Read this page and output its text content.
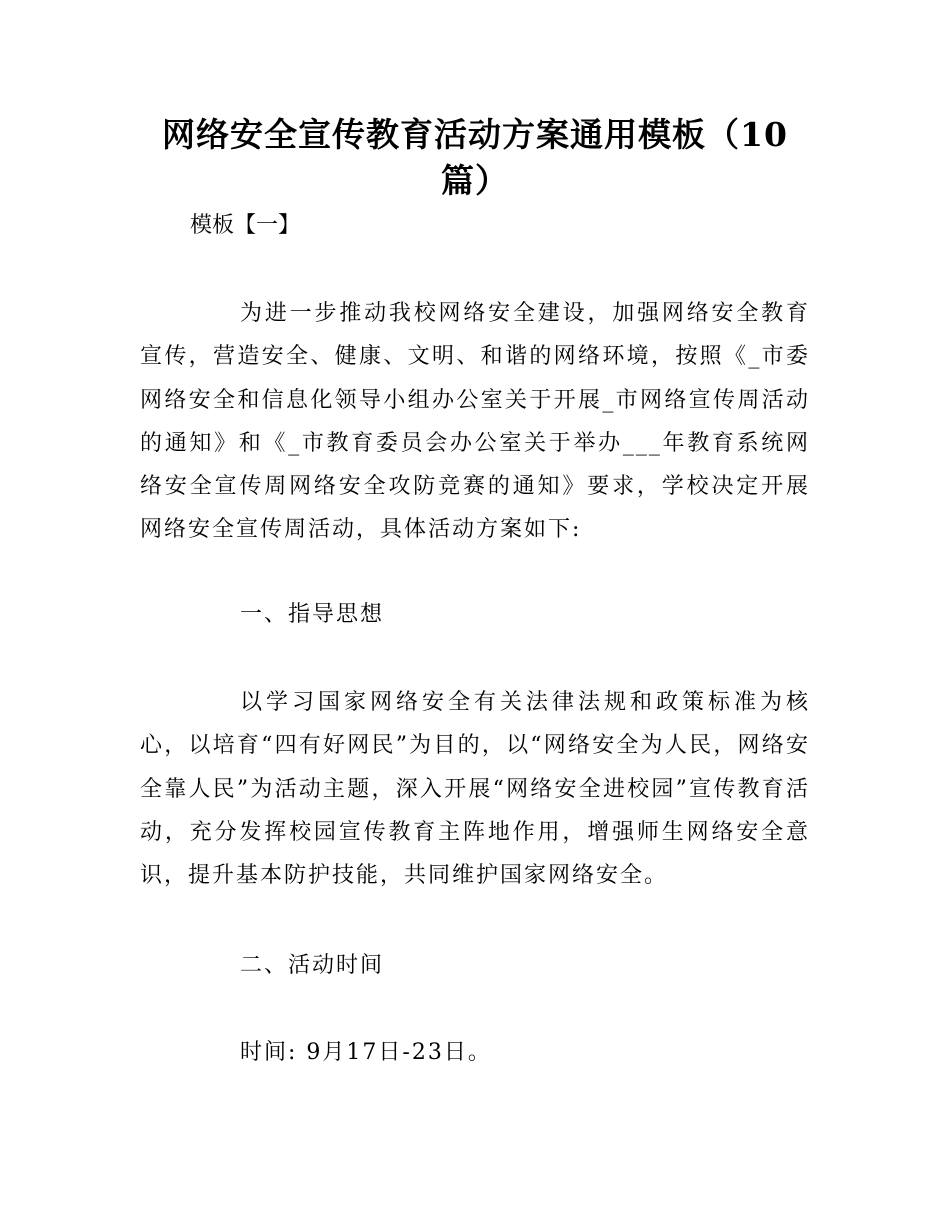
网络安全宣传教育活动方案通用模板（10篇）

模板【一】

为进一步推动我校网络安全建设，加强网络安全教育宣传，营造安全、健康、文明、和谐的网络环境，按照《_市委网络安全和信息化领导小组办公室关于开展_市网络宣传周活动的通知》和《_市教育委员会办公室关于举办___年教育系统网络安全宣传周网络安全攻防竞赛的通知》要求，学校决定开展网络安全宣传周活动，具体活动方案如下:

一、指导思想

以学习国家网络安全有关法律法规和政策标准为核心，以培育“四有好网民”为目的，以“网络安全为人民，网络安全靠人民”为活动主题，深入开展“网络安全进校园”宣传教育活动，充分发挥校园宣传教育主阵地作用，增强师生网络安全意识，提升基本防护技能，共同维护国家网络安全。

二、活动时间

时间: 9月17日-23日。
